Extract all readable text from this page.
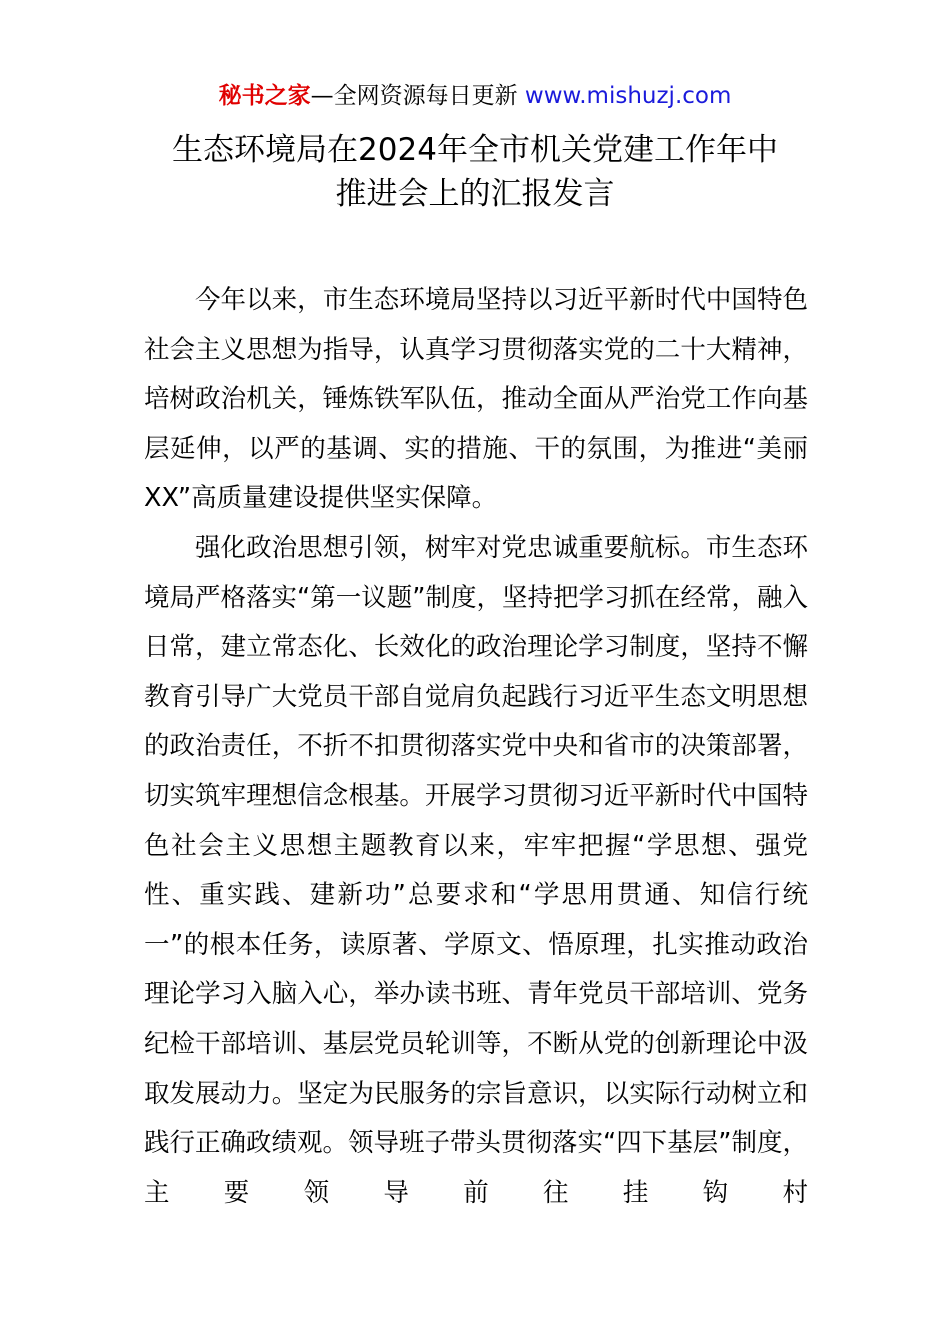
秘书之家—全网资源每日更新 www.mishuzj.com
生态环境局在2024年全市机关党建工作年中
推进会上的汇报发言

今年以来，市生态环境局坚持以习近平新时代中国特色社会主义思想为指导，认真学习贯彻落实党的二十大精神，培树政治机关，锤炼铁军队伍，推动全面从严治党工作向基层延伸，以严的基调、实的措施、干的氛围，为推进“美丽XX”高质量建设提供坚实保障。

强化政治思想引领，树牢对党忠诚重要航标。市生态环境局严格落实“第一议题”制度，坚持把学习抓在经常，融入日常，建立常态化、长效化的政治理论学习制度，坚持不懈教育引导广大党员干部自觉肩负起践行习近平生态文明思想的政治责任，不折不扣贯彻落实党中央和省市的决策部署，切实筑牢理想信念根基。开展学习贯彻习近平新时代中国特色社会主义思想主题教育以来，牢牢把握“学思想、强党性、重实践、建新功”总要求和“学思用贯通、知信行统一”的根本任务，读原著、学原文、悟原理，扎实推动政治理论学习入脑入心，举办读书班、青年党员干部培训、党务纪检干部培训、基层党员轮训等，不断从党的创新理论中汲取发展动力。坚定为民服务的宗旨意识，以实际行动树立和践行正确政绩观。领导班子带头贯彻落实“四下基层”制度，主要领导前往挂钩村
